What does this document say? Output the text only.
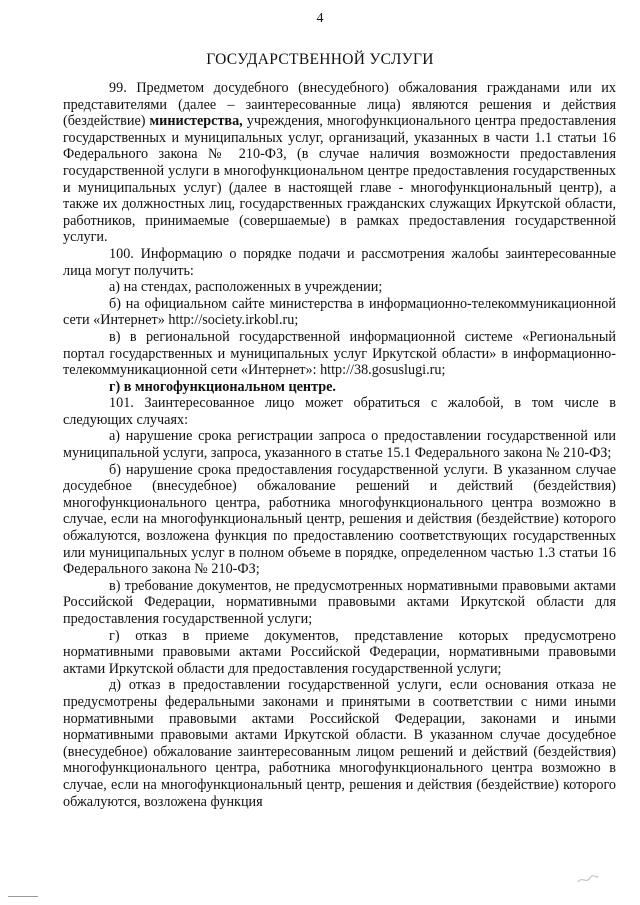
4
ГОСУДАРСТВЕННОЙ УСЛУГИ

99. Предметом досудебного (внесудебного) обжалования гражданами или их представителями (далее – заинтересованные лица) являются решения и действия (бездействие) министерства, учреждения, многофункционального центра предоставления государственных и муниципальных услуг, организаций, указанных в части 1.1 статьи 16 Федерального закона № 210-ФЗ, (в случае наличия возможности предоставления государственной услуги в многофункциональном центре предоставления государственных и муниципальных услуг) (далее в настоящей главе - многофункциональный центр), а также их должностных лиц, государственных гражданских служащих Иркутской области, работников, принимаемые (совершаемые) в рамках предоставления государственной услуги.

100. Информацию о порядке подачи и рассмотрения жалобы заинтересованные лица могут получить:

а) на стендах, расположенных в учреждении;

б) на официальном сайте министерства в информационно-телекоммуникационной сети «Интернет» http://society.irkobl.ru;

в) в региональной государственной информационной системе «Региональный портал государственных и муниципальных услуг Иркутской области» в информационно-телекоммуникационной сети «Интернет»: http://38.gosuslugi.ru;

г) в многофункциональном центре.

101. Заинтересованное лицо может обратиться с жалобой, в том числе в следующих случаях:

а) нарушение срока регистрации запроса о предоставлении государственной или муниципальной услуги, запроса, указанного в статье 15.1 Федерального закона № 210-ФЗ;

б) нарушение срока предоставления государственной услуги. В указанном случае досудебное (внесудебное) обжалование решений и действий (бездействия) многофункционального центра, работника многофункционального центра возможно в случае, если на многофункциональный центр, решения и действия (бездействие) которого обжалуются, возложена функция по предоставлению соответствующих государственных или муниципальных услуг в полном объеме в порядке, определенном частью 1.3 статьи 16 Федерального закона № 210-ФЗ;

в) требование документов, не предусмотренных нормативными правовыми актами Российской Федерации, нормативными правовыми актами Иркутской области для предоставления государственной услуги;

г) отказ в приеме документов, представление которых предусмотрено нормативными правовыми актами Российской Федерации, нормативными правовыми актами Иркутской области для предоставления государственной услуги;

д) отказ в предоставлении государственной услуги, если основания отказа не предусмотрены федеральными законами и принятыми в соответствии с ними иными нормативными правовыми актами Российской Федерации, законами и иными нормативными правовыми актами Иркутской области. В указанном случае досудебное (внесудебное) обжалование заинтересованным лицом решений и действий (бездействия) многофункционального центра, работника многофункционального центра возможно в случае, если на многофункциональный центр, решения и действия (бездействие) которого обжалуются, возложена функция
